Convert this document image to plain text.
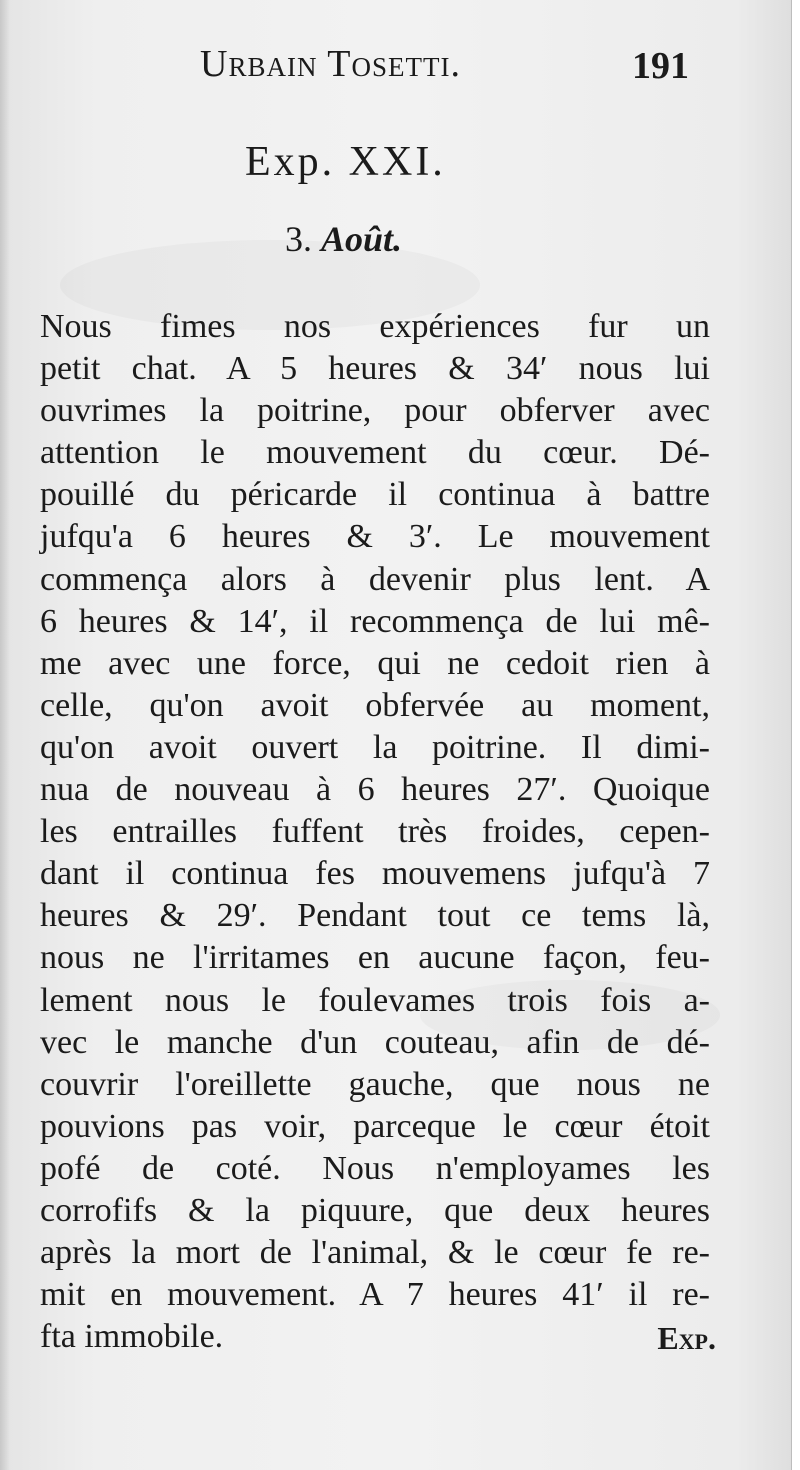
Urbain Tosetti.	191
Exp. XXI.
3. Août.
Nous fimes nos expériences fur un
petit chat. A 5 heures & 34′ nous lui
ouvrimes la poitrine, pour obferver avec
attention le mouvement du cœur. Dé-
pouillé du péricarde il continua à battre
jufqu'a 6 heures & 3′. Le mouvement
commença alors à devenir plus lent. A
6 heures & 14′, il recommença de lui mê-
me avec une force, qui ne cedoit rien à
celle, qu'on avoit obfervée au moment,
qu'on avoit ouvert la poitrine. Il dimi-
nua de nouveau à 6 heures 27′. Quoique
les entrailles fuffent très froides, cepen-
dant il continua fes mouvemens jufqu'à 7
heures & 29′. Pendant tout ce tems là,
nous ne l'irritames en aucune façon, feu-
lement nous le foulevames trois fois a-
vec le manche d'un couteau, afin de dé-
couvrir l'oreillette gauche, que nous ne
pouvions pas voir, parceque le cœur étoit
pofé de coté. Nous n'employames les
corrofifs & la piquure, que deux heures
après la mort de l'animal, & le cœur fe re-
mit en mouvement. A 7 heures 41′ il re-
fta immobile.	Exp.
